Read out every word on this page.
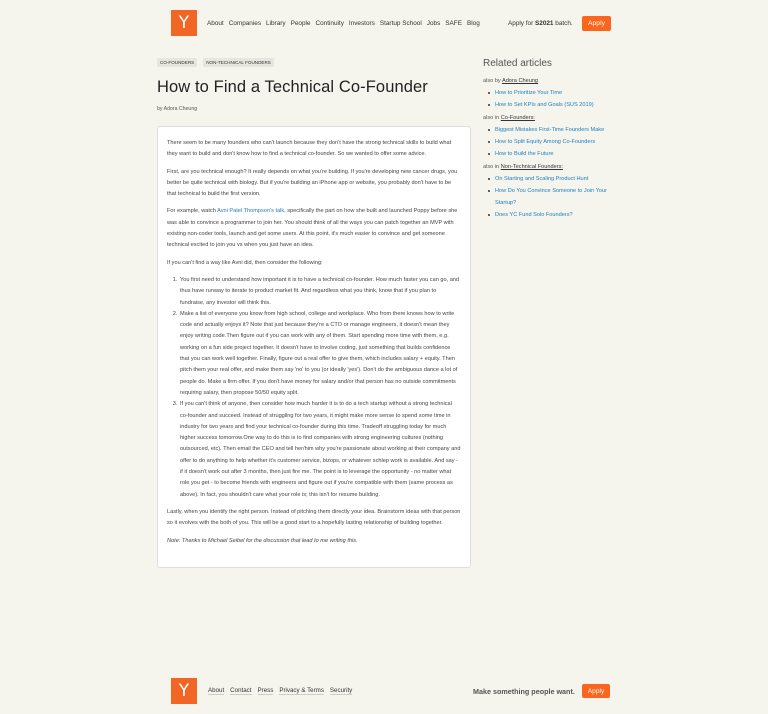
Y	About Companies Library People Continuity Investors Startup School Jobs SAFE Blog	Apply for S2021 batch.	Apply
CO-FOUNDERS	NON-TECHNICAL FOUNDERS
How to Find a Technical Co-Founder
by Adora Cheung

There seem to be many founders who can't launch because they don't have the strong technical skills to build what they want to build and don't know how to find a technical co-founder. So we wanted to offer some advice.

First, are you technical enough? It really depends on what you're building. If you're developing new cancer drugs, you better be quite technical with biology. But if you're building an iPhone app or website, you probably don't have to be that technical to build the first version.

For example, watch Avni Patel Thompson's talk, specifically the part on how she built and launched Poppy before she was able to convince a programmer to join her. You should think of all the ways you can patch together an MVP with existing non-coder tools, launch and get some users. At this point, it's much easier to convince and get someone technical excited to join you vs when you just have an idea.

If you can't find a way like Avni did, then consider the following:

1. You first need to understand how important it is to have a technical co-founder. How much faster you can go, and thus have runway to iterate to product market fit. And regardless what you think, know that if you plan to fundraise, any investor will think this.
2. Make a list of everyone you know from high school, college and workplace. Who from there knows how to write code and actually enjoys it? Note that just because they're a CTO or manage engineers, it doesn't mean they enjoy writing code.Then figure out if you can work with any of them. Start spending more time with them, e.g. working on a fun side project together. It doesn't have to involve coding, just something that builds confidence that you can work well together. Finally, figure out a real offer to give them, which includes salary + equity. Then pitch them your real offer, and make them say 'no' to you (or ideally 'yes'). Don't do the ambiguous dance a lot of people do. Make a firm offer. If you don't have money for salary and/or that person has no outside commitments requiring salary, then propose 50/50 equity split.
3. If you can't think of anyone, then consider how much harder it is to do a tech startup without a strong technical co-founder and succeed. Instead of struggling for two years, it might make more sense to spend some time in industry for two years and find your technical co-founder during this time. Tradeoff struggling today for much higher success tomorrow.One way to do this is to find companies with strong engineering cultures (nothing outsourced, etc). Then email the CEO and tell her/him why you're passionate about working at their company and offer to do anything to help whether it's customer service, bizops, or whatever schlep work is available. And say - if it doesn't work out after 3 months, then just fire me. The point is to leverage the opportunity - no matter what role you get - to become friends with engineers and figure out if you're compatible with them (same process as above). In fact, you shouldn't care what your role is; this isn't for resume building.

Lastly, when you identify the right person. Instead of pitching them directly your idea. Brainstorm ideas with that person so it evolves with the both of you. This will be a good start to a hopefully lasting relationship of building together.

Note: Thanks to Michael Seibel for the discussion that lead to me writing this.

Related articles
also by Adora Cheung
How to Prioritize Your Time
How to Set KPIs and Goals (SUS 2019)
also in Co-Founders:
Biggest Mistakes First-Time Founders Make
How to Split Equity Among Co-Founders
How to Build the Future
also in Non-Technical Founders:
On Starting and Scaling Product Hunt
How Do You Convince Someone to Join Your Startup?
Does YC Fund Solo Founders?
Y	About Contact Press Privacy & Terms Security	Make something people want.	Apply
